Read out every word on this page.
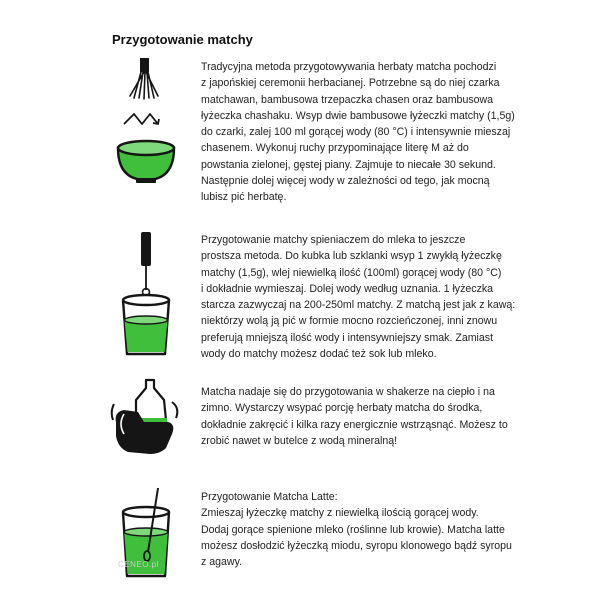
Przygotowanie matchy
Tradycyjna metoda przygotowywania herbaty matcha pochodzi
z japońskiej ceremonii herbacianej. Potrzebne są do niej czarka
matchawan, bambusowa trzepaczka chasen oraz bambusowa
łyżeczka chashaku. Wsyp dwie bambusowe łyżeczki matchy (1,5g)
do czarki, zalej 100 ml gorącej wody (80 °C) i intensywnie mieszaj
chasenem. Wykonuj ruchy przypominające literę M aż do
powstania zielonej, gęstej piany. Zajmuje to niecałe 30 sekund.
Następnie dolej więcej wody w zależności od tego, jak mocną
lubisz pić herbatę.
Przygotowanie matchy spieniaczem do mleka to jeszcze
prostsza metoda. Do kubka lub szklanki wsyp 1 zwykłą łyżeczkę
matchy (1,5g), wlej niewielką ilość (100ml) gorącej wody (80 °C)
i dokładnie wymieszaj. Dolej wody według uznania. 1 łyżeczka
starcza zazwyczaj na 200-250ml matchy. Z matchą jest jak z kawą:
niektórzy wolą ją pić w formie mocno rozcieńczonej, inni znowu
preferują mniejszą ilość wody i intensywniejszy smak. Zamiast
wody do matchy możesz dodać też sok lub mleko.
Matcha nadaje się do przygotowania w shakerze na ciepło i na
zimno. Wystarczy wsypać porcję herbaty matcha do środka,
dokładnie zakręcić i kilka razy energicznie wstrząsnąć. Możesz to
zrobić nawet w butelce z wodą mineralną!
Przygotowanie Matcha Latte:
Zmieszaj łyżeczkę matchy z niewielką ilością gorącej wody.
Dodaj gorące spienione mleko (roślinne lub krowie). Matcha latte
możesz dosłodzić łyżeczką miodu, syropu klonowego bądź syropu
z agawy.
CENEO.pl
